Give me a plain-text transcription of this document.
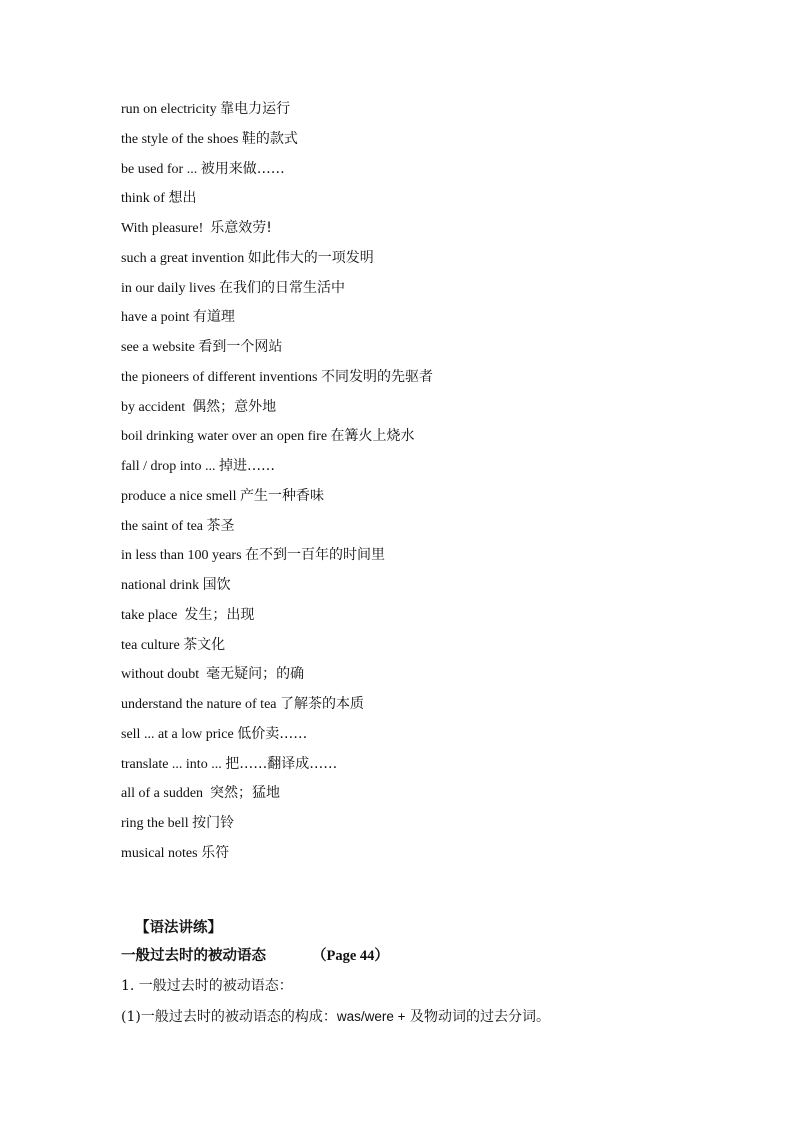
run on electricity 靠电力运行
the style of the shoes 鞋的款式
be used for ... 被用来做……
think of 想出
With pleasure!  乐意效劳!
such a great invention 如此伟大的一项发明
in our daily lives 在我们的日常生活中
have a point 有道理
see a website 看到一个网站
the pioneers of different inventions 不同发明的先驱者
by accident  偶然；意外地
boil drinking water over an open fire 在篝火上烧水
fall / drop into ... 掉进……
produce a nice smell 产生一种香味
the saint of tea 茶圣
in less than 100 years 在不到一百年的时间里
national drink 国饮
take place  发生；出现
tea culture 茶文化
without doubt  毫无疑问；的确
understand the nature of tea 了解茶的本质
sell ... at a low price 低价卖……
translate ... into ... 把……翻译成……
all of a sudden  突然；猛地
ring the bell 按门铃
musical notes 乐符
【语法讲练】
一般过去时的被动语态	（Page 44）
1. 一般过去时的被动语态：
(1)一般过去时的被动语态的构成：was/were + 及物动词的过去分词。
